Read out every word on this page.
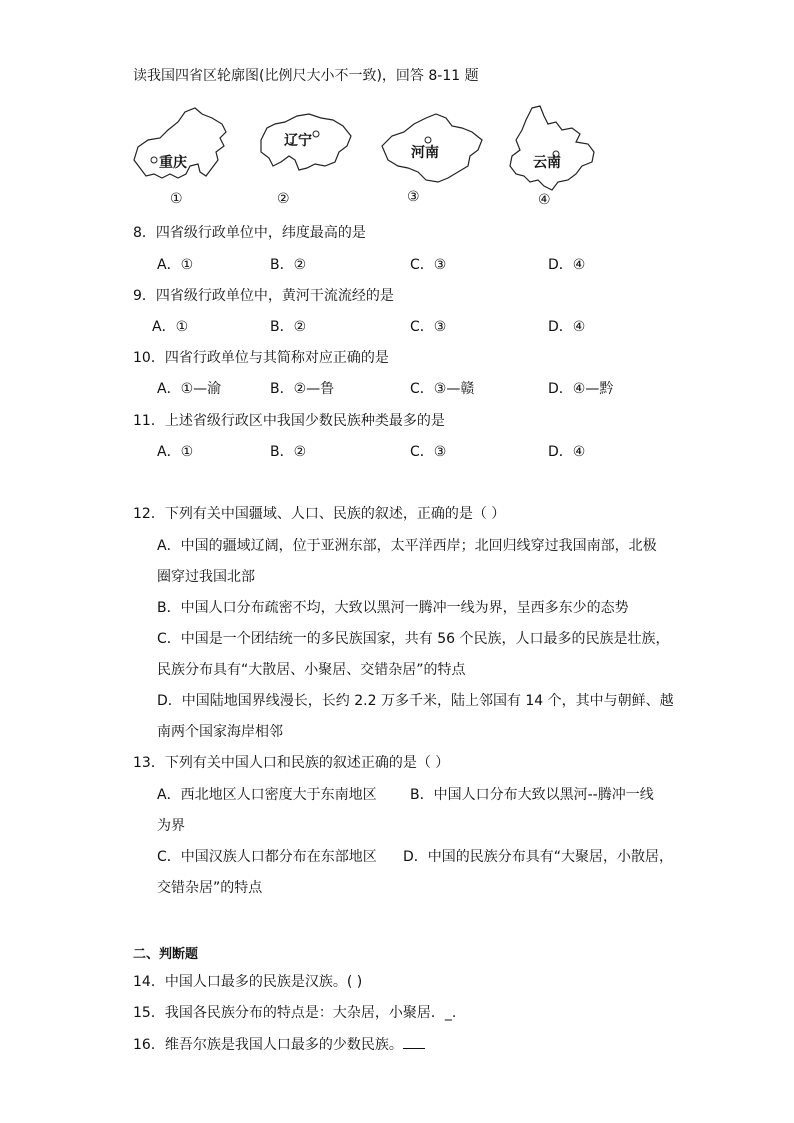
读我国四省区轮廓图(比例尺大小不一致)，回答 8-11 题
重庆
①
辽宁
②
河南
③
云南
④
8．四省级行政单位中，纬度最高的是
A．①	B．②	C．③	D．④
9．四省级行政单位中，黄河干流流经的是
A．①	B．②	C．③	D．④
10．四省行政单位与其简称对应正确的是
A．①—渝	B．②—鲁	C．③—赣	D．④—黔
11．上述省级行政区中我国少数民族种类最多的是
A．①	B．②	C．③	D．④
12．下列有关中国疆域、人口、民族的叙述，正确的是（ ）
A．中国的疆域辽阔，位于亚洲东部，太平洋西岸；北回归线穿过我国南部，北极
圈穿过我国北部
B．中国人口分布疏密不均，大致以黑河一腾冲一线为界，呈西多东少的态势
C．中国是一个团结统一的多民族国家，共有 56 个民族，人口最多的民族是壮族，
民族分布具有“大散居、小聚居、交错杂居”的特点
D．中国陆地国界线漫长，长约 2.2 万多千米，陆上邻国有 14 个，其中与朝鲜、越
南两个国家海岸相邻
13．下列有关中国人口和民族的叙述正确的是（ ）
A．西北地区人口密度大于东南地区 B．中国人口分布大致以黑河--腾冲一线
为界
C．中国汉族人口都分布在东部地区 D．中国的民族分布具有“大聚居，小散居，
交错杂居”的特点
二、判断题
14．中国人口最多的民族是汉族。( )
15．我国各民族分布的特点是：大杂居，小聚居．_.
16．维吾尔族是我国人口最多的少数民族。
